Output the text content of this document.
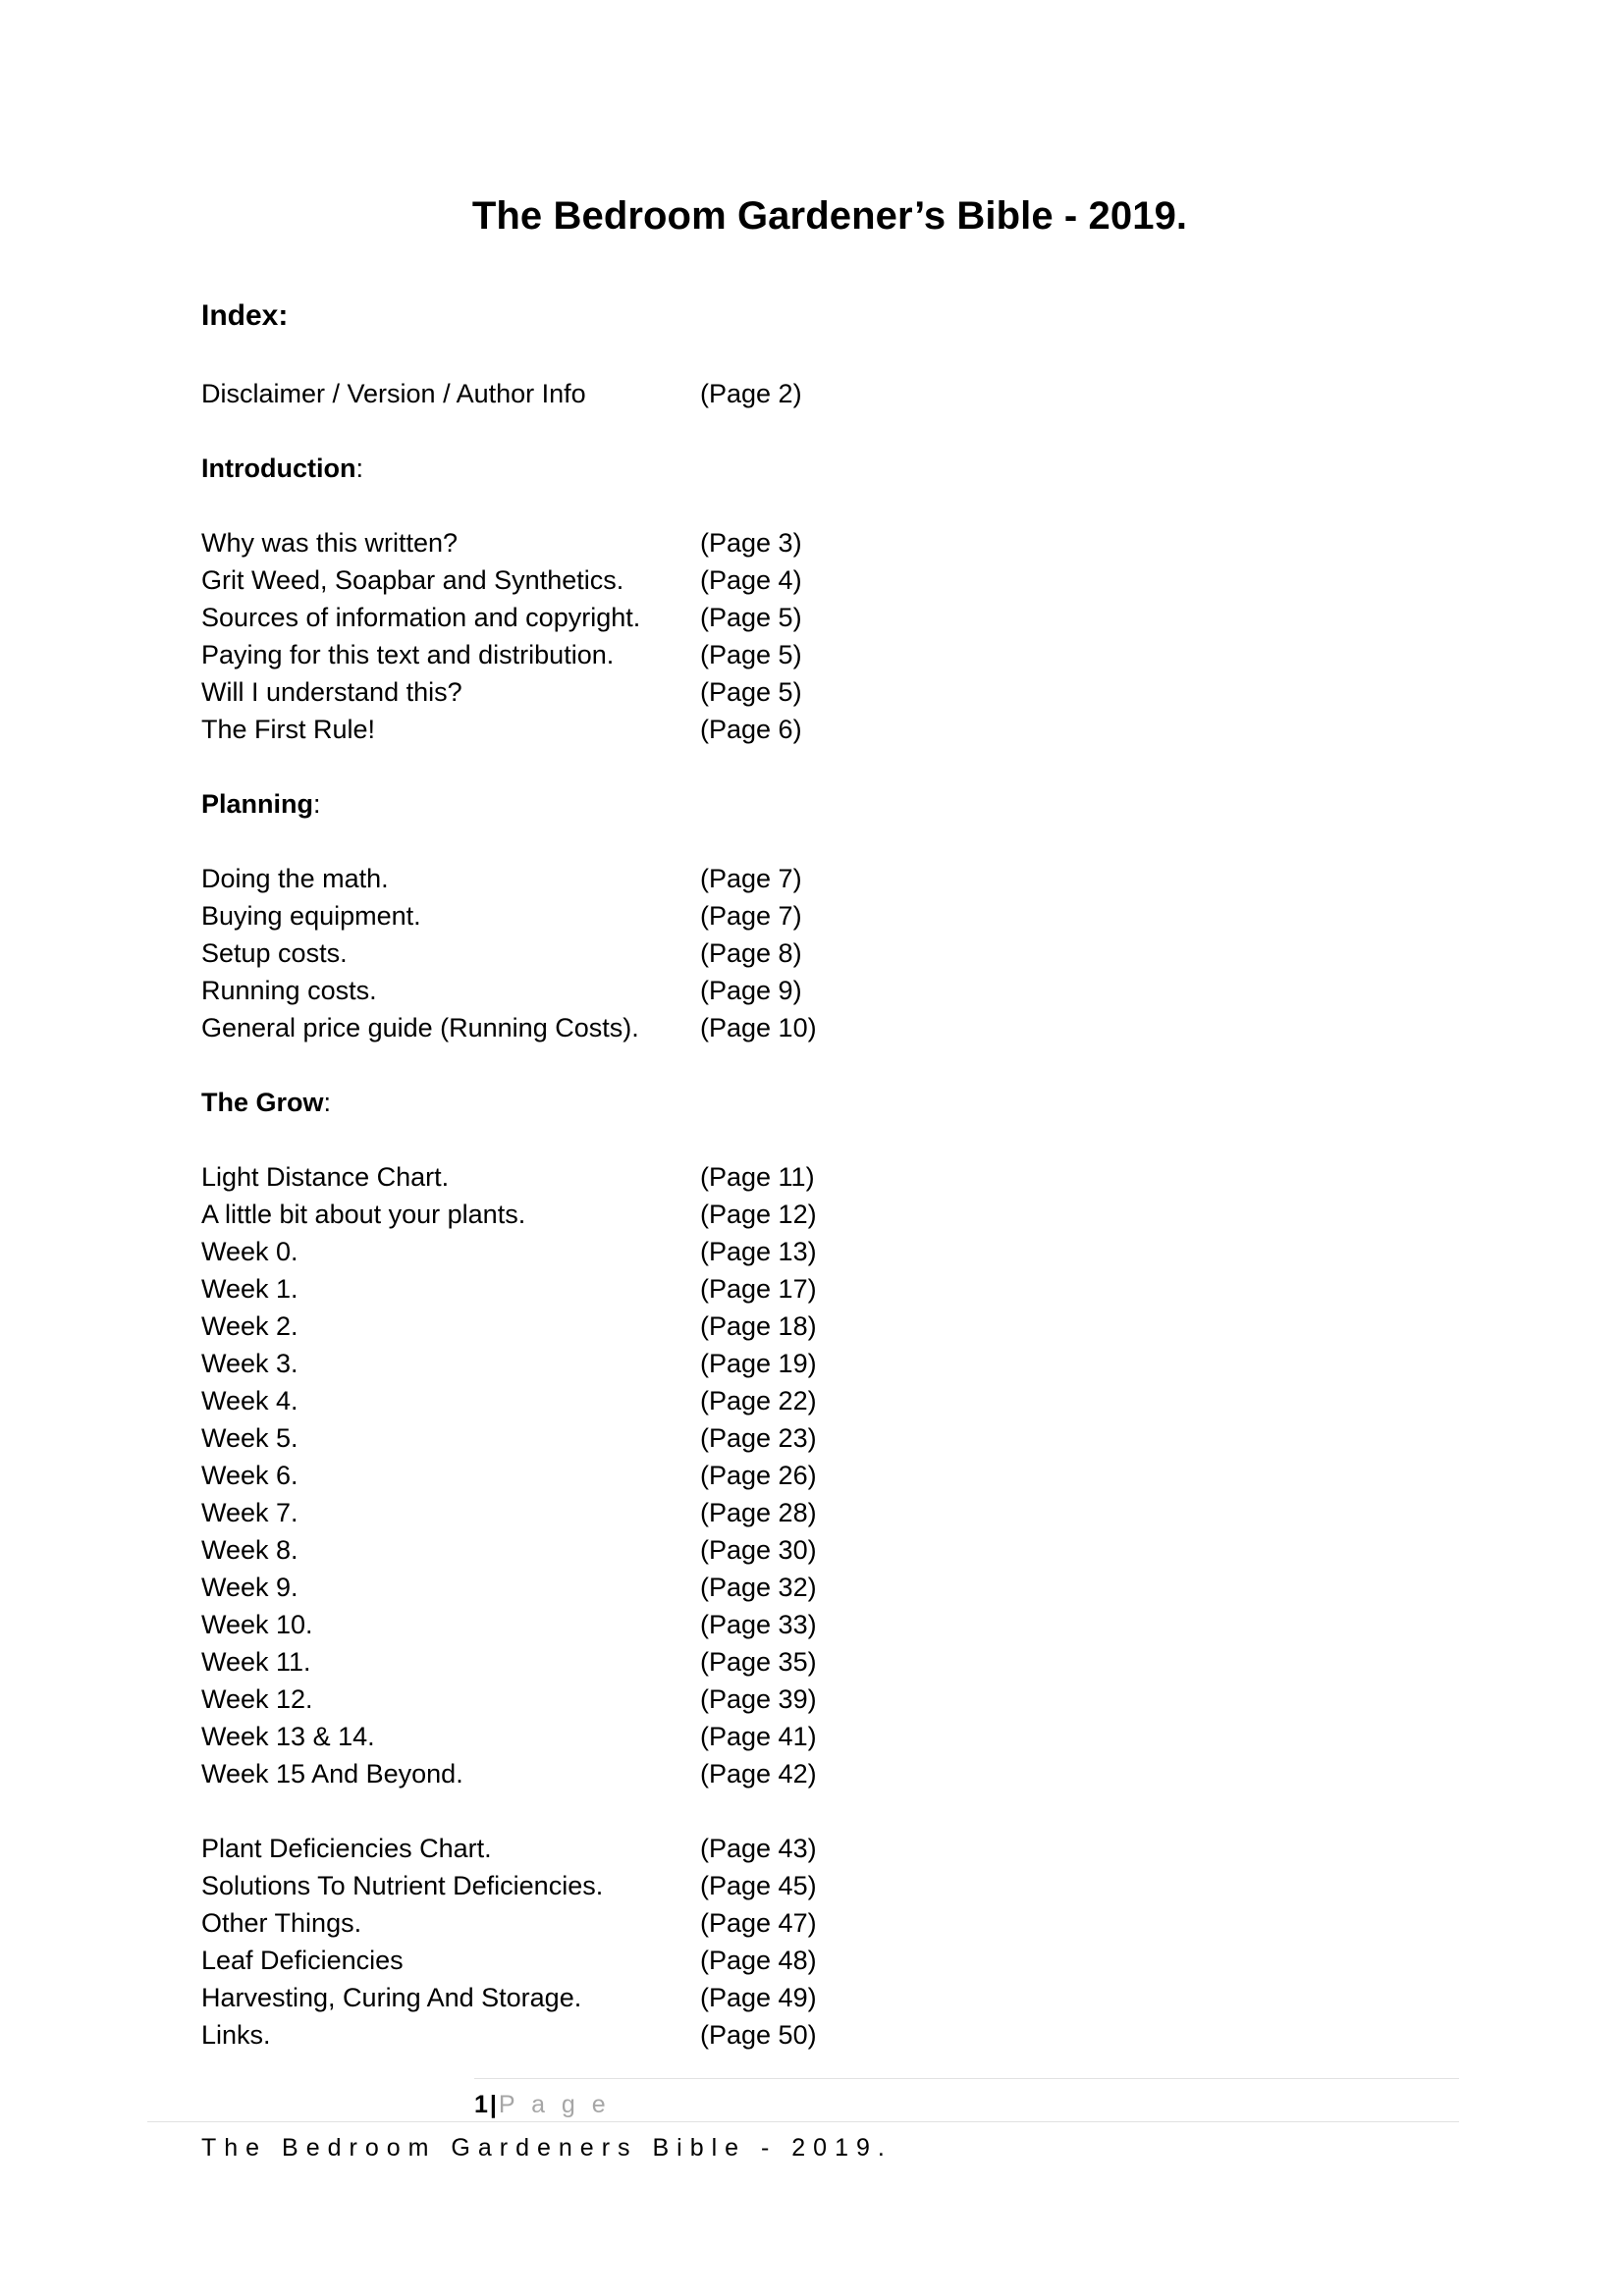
The Bedroom Gardener’s Bible - 2019.
Index:
Disclaimer / Version / Author Info	(Page 2)
Introduction:
Why was this written?	(Page 3)
Grit Weed, Soapbar and Synthetics.	(Page 4)
Sources of information and copyright. (Page 5)
Paying for this text and distribution.	(Page 5)
Will I understand this?	(Page 5)
The First Rule!	(Page 6)
Planning:
Doing the math.	(Page 7)
Buying equipment.	(Page 7)
Setup costs.	(Page 8)
Running costs.	(Page 9)
General price guide (Running Costs). (Page 10)
The Grow:
Light Distance Chart.	(Page 11)
A little bit about your plants.	(Page 12)
Week 0.	(Page 13)
Week 1.	(Page 17)
Week 2.	(Page 18)
Week 3.	(Page 19)
Week 4.	(Page 22)
Week 5.	(Page 23)
Week 6.	(Page 26)
Week 7.	(Page 28)
Week 8.	(Page 30)
Week 9.	(Page 32)
Week 10.	(Page 33)
Week 11.	(Page 35)
Week 12.	(Page 39)
Week 13 & 14.	(Page 41)
Week 15 And Beyond.	(Page 42)
Plant Deficiencies Chart.	(Page 43)
Solutions To Nutrient Deficiencies.	(Page 45)
Other Things.	(Page 47)
Leaf Deficiencies	(Page 48)
Harvesting, Curing And Storage.	(Page 49)
Links.	(Page 50)
1|P a g e
The Bedroom Gardeners Bible - 2019.
